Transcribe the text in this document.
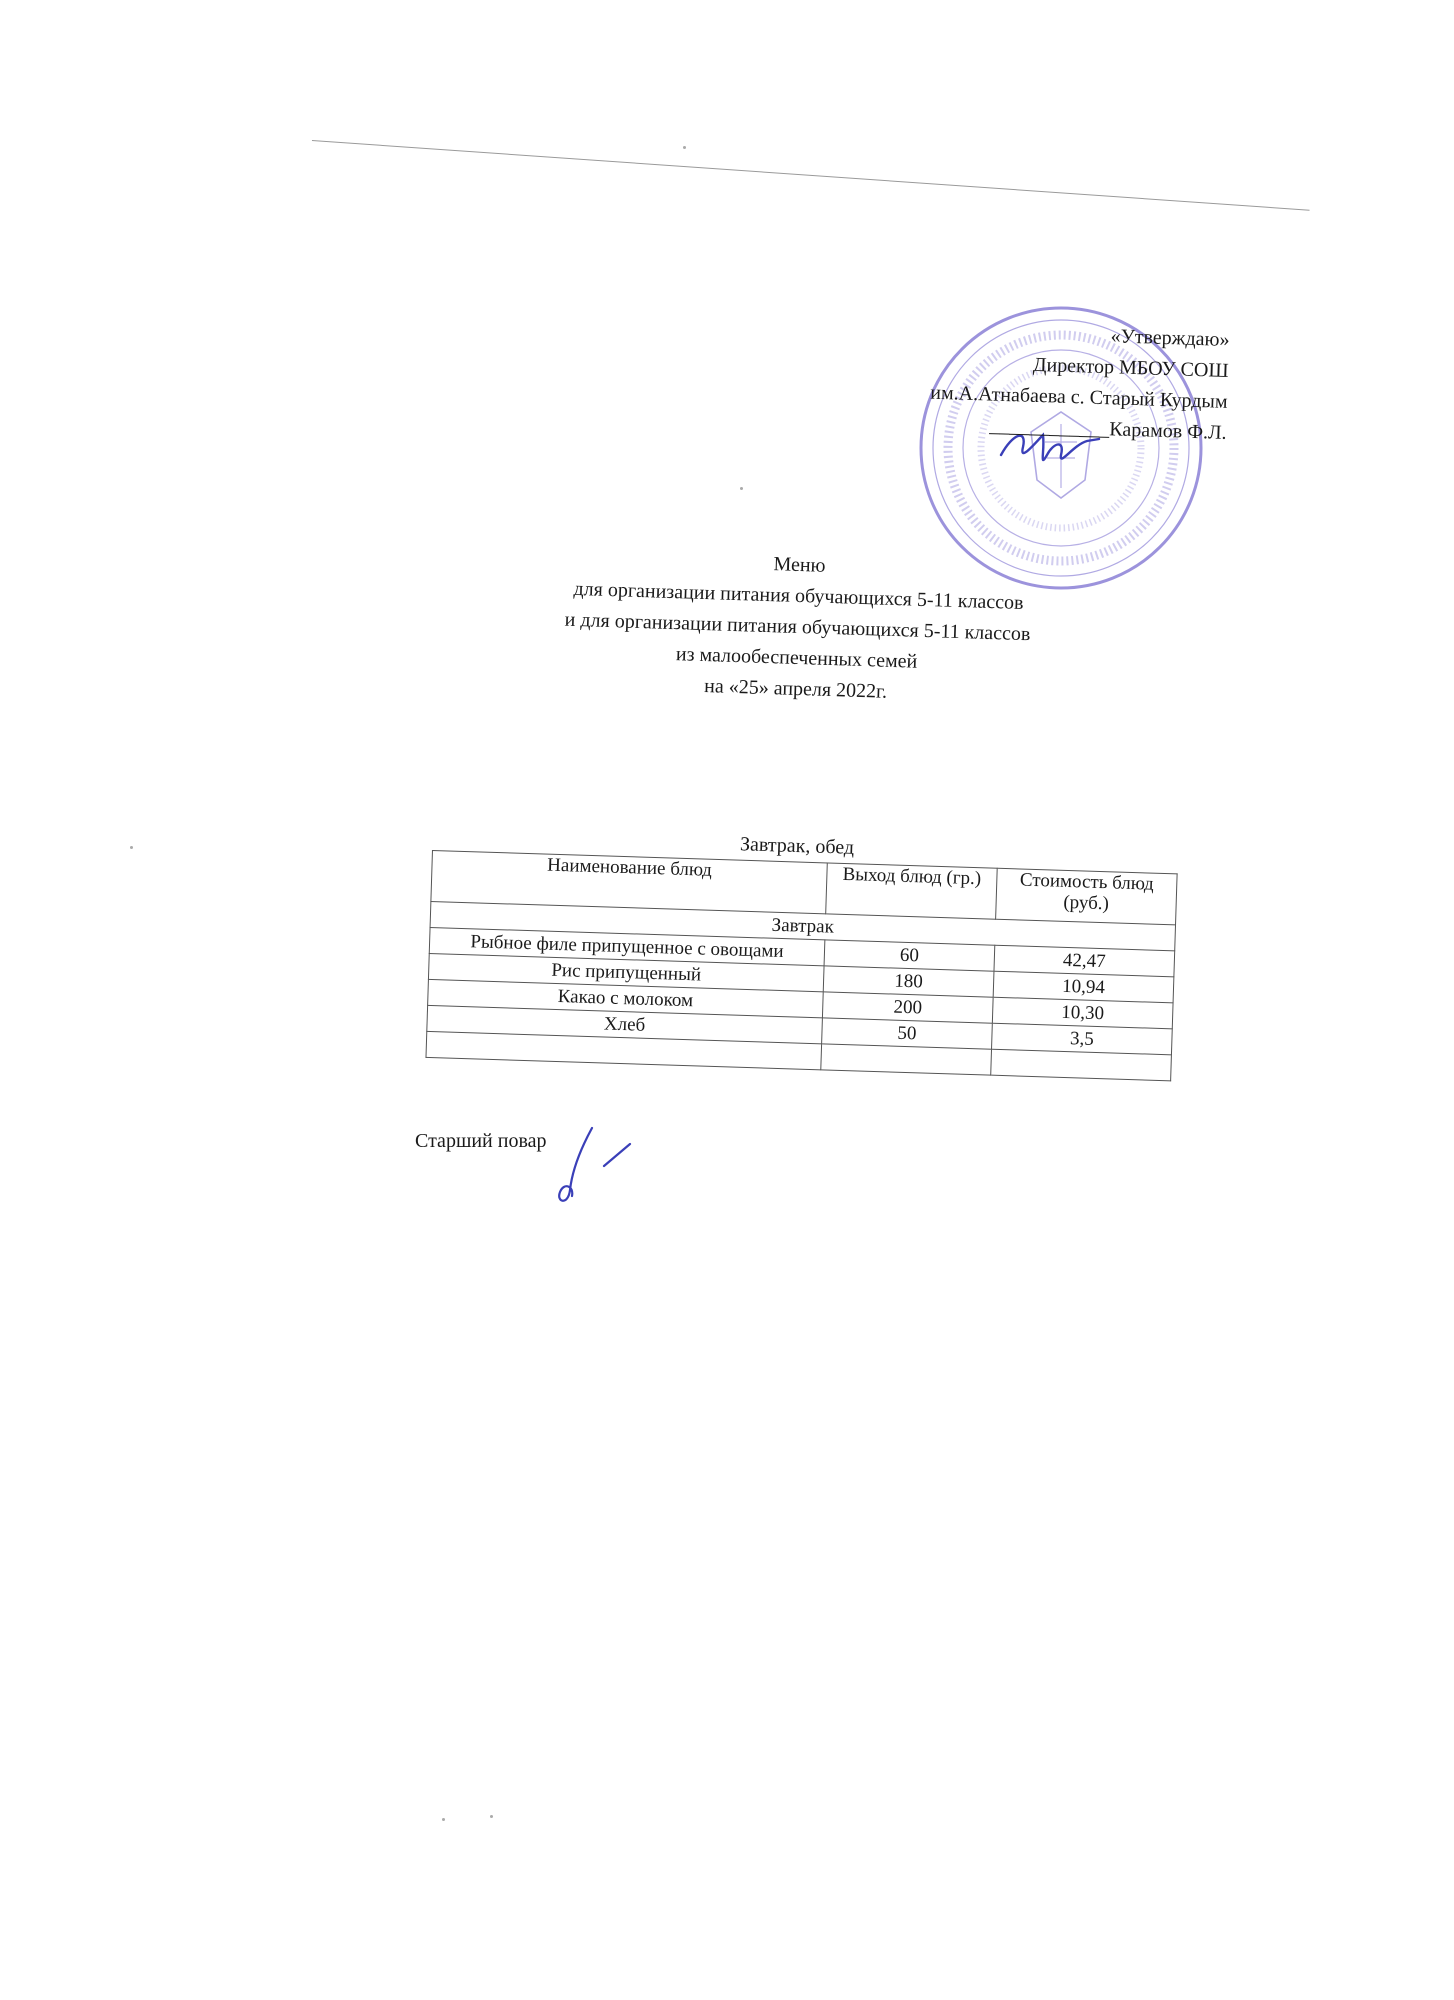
«Утверждаю»
Директор МБОУ СОШ
им.А.Атнабаева с. Старый Курдым
____________Карамов Ф.Л.
Меню
для организации питания обучающихся 5-11 классов
и для организации питания обучающихся 5-11 классов
из малообеспеченных семей
на «25» апреля 2022г.
Завтрак, обед
Наименование блюд	Выход блюд (гр.)	Стоимость блюд (руб.)
Завтрак		
Рыбное филе припущенное с овощами	60	42,47
Рис припущенный	180	10,94
Какао с молоком	200	10,30
Хлеб	50	3,5

Старший повар
